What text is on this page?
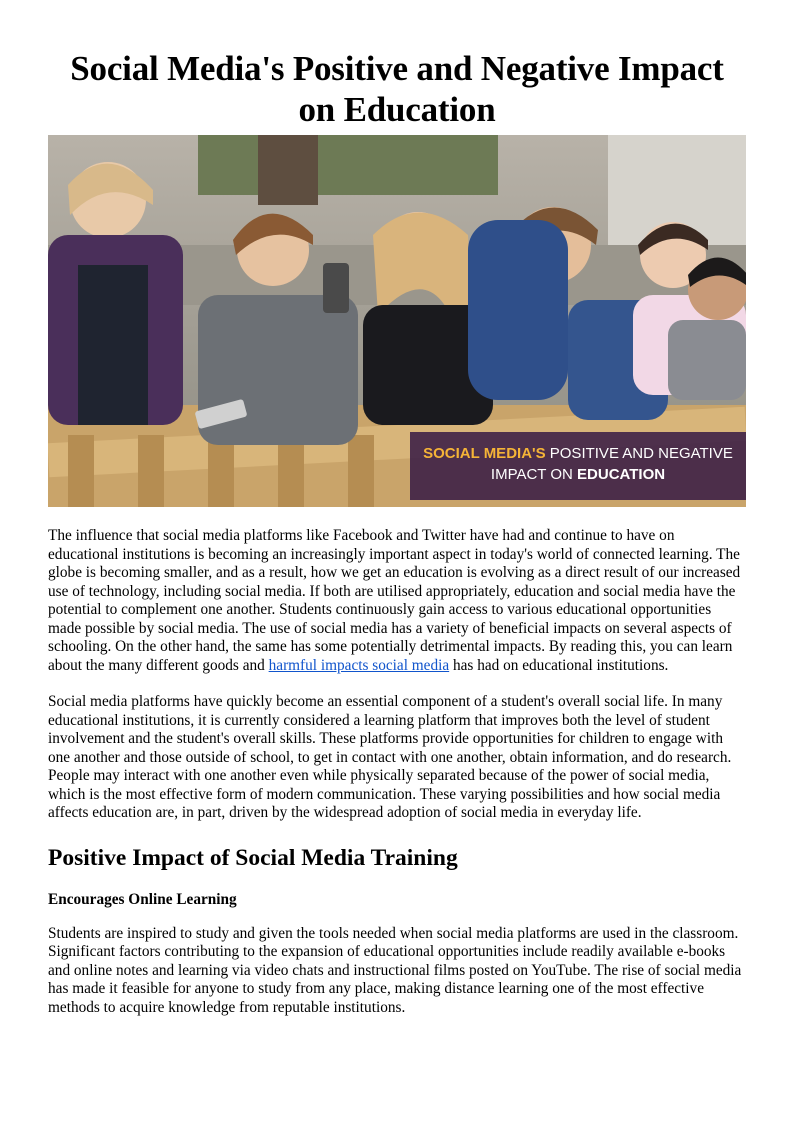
Social Media's Positive and Negative Impact on Education
SOCIAL MEDIA'S POSITIVE AND NEGATIVE
IMPACT ON EDUCATION

The influence that social media platforms like Facebook and Twitter have had and continue to have on educational institutions is becoming an increasingly important aspect in today's world of connected learning. The globe is becoming smaller, and as a result, how we get an education is evolving as a direct result of our increased use of technology, including social media. If both are utilised appropriately, education and social media have the potential to complement one another. Students continuously gain access to various educational opportunities made possible by social media. The use of social media has a variety of beneficial impacts on several aspects of schooling. On the other hand, the same has some potentially detrimental impacts. By reading this, you can learn about the many different goods and harmful impacts social media has had on educational institutions.

Social media platforms have quickly become an essential component of a student's overall social life. In many educational institutions, it is currently considered a learning platform that improves both the level of student involvement and the student's overall skills. These platforms provide opportunities for children to engage with one another and those outside of school, to get in contact with one another, obtain information, and do research. People may interact with one another even while physically separated because of the power of social media, which is the most effective form of modern communication. These varying possibilities and how social media affects education are, in part, driven by the widespread adoption of social media in everyday life.

Positive Impact of Social Media Training
Encourages Online Learning

Students are inspired to study and given the tools needed when social media platforms are used in the classroom. Significant factors contributing to the expansion of educational opportunities include readily available e-books and online notes and learning via video chats and instructional films posted on YouTube. The rise of social media has made it feasible for anyone to study from any place, making distance learning one of the most effective methods to acquire knowledge from reputable institutions.
